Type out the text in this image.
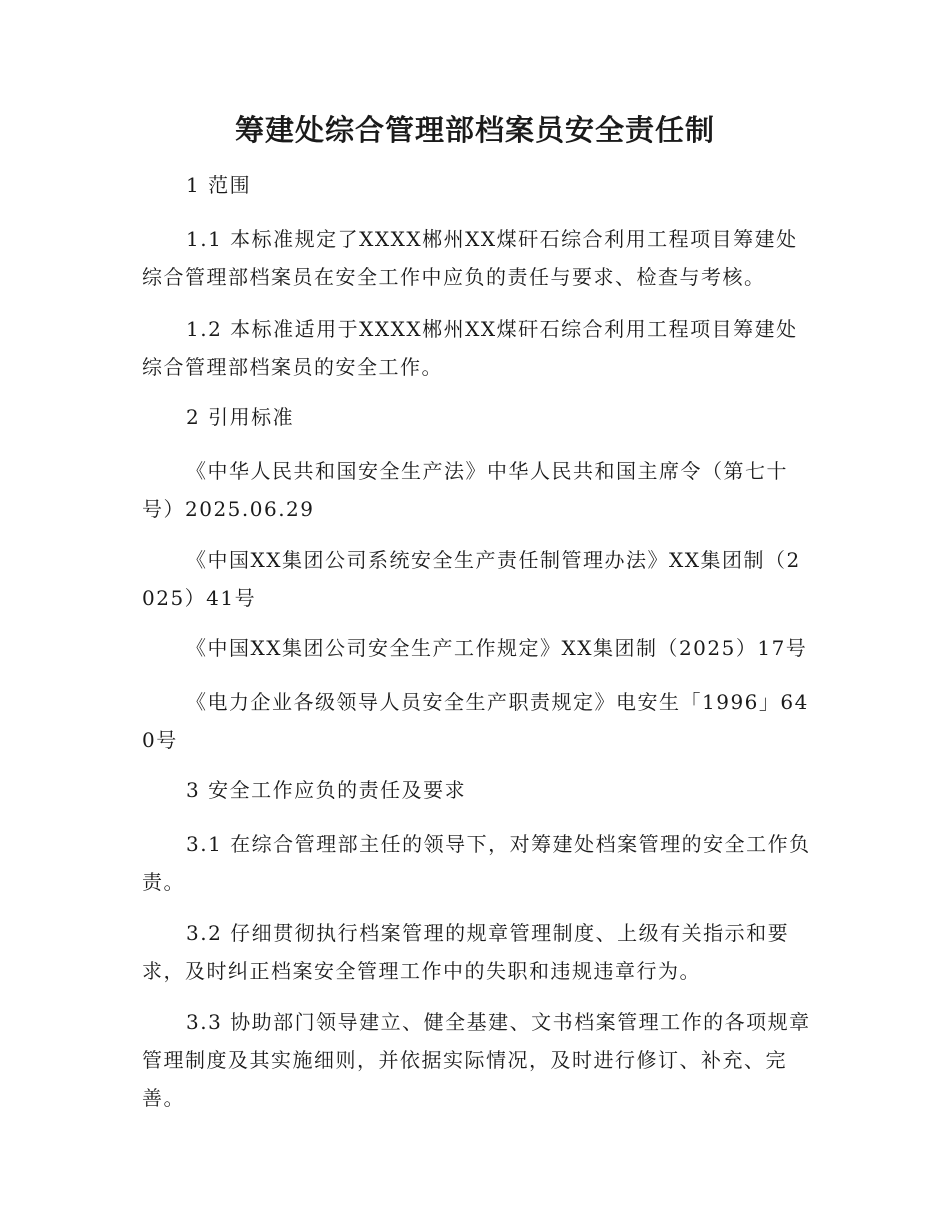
筹建处综合管理部档案员安全责任制

1 范围

1.1 本标准规定了XXXX郴州XX煤矸石综合利用工程项目筹建处综合管理部档案员在安全工作中应负的责任与要求、检查与考核。

1.2 本标准适用于XXXX郴州XX煤矸石综合利用工程项目筹建处综合管理部档案员的安全工作。

2 引用标准

《中华人民共和国安全生产法》中华人民共和国主席令（第七十号）2025.06.29

《中国XX集团公司系统安全生产责任制管理办法》XX集团制（2025）41号

《中国XX集团公司安全生产工作规定》XX集团制（2025）17号

《电力企业各级领导人员安全生产职责规定》电安生「1996」640号

3 安全工作应负的责任及要求

3.1 在综合管理部主任的领导下，对筹建处档案管理的安全工作负责。

3.2 仔细贯彻执行档案管理的规章管理制度、上级有关指示和要求，及时纠正档案安全管理工作中的失职和违规违章行为。

3.3 协助部门领导建立、健全基建、文书档案管理工作的各项规章管理制度及其实施细则，并依据实际情况，及时进行修订、补充、完善。
